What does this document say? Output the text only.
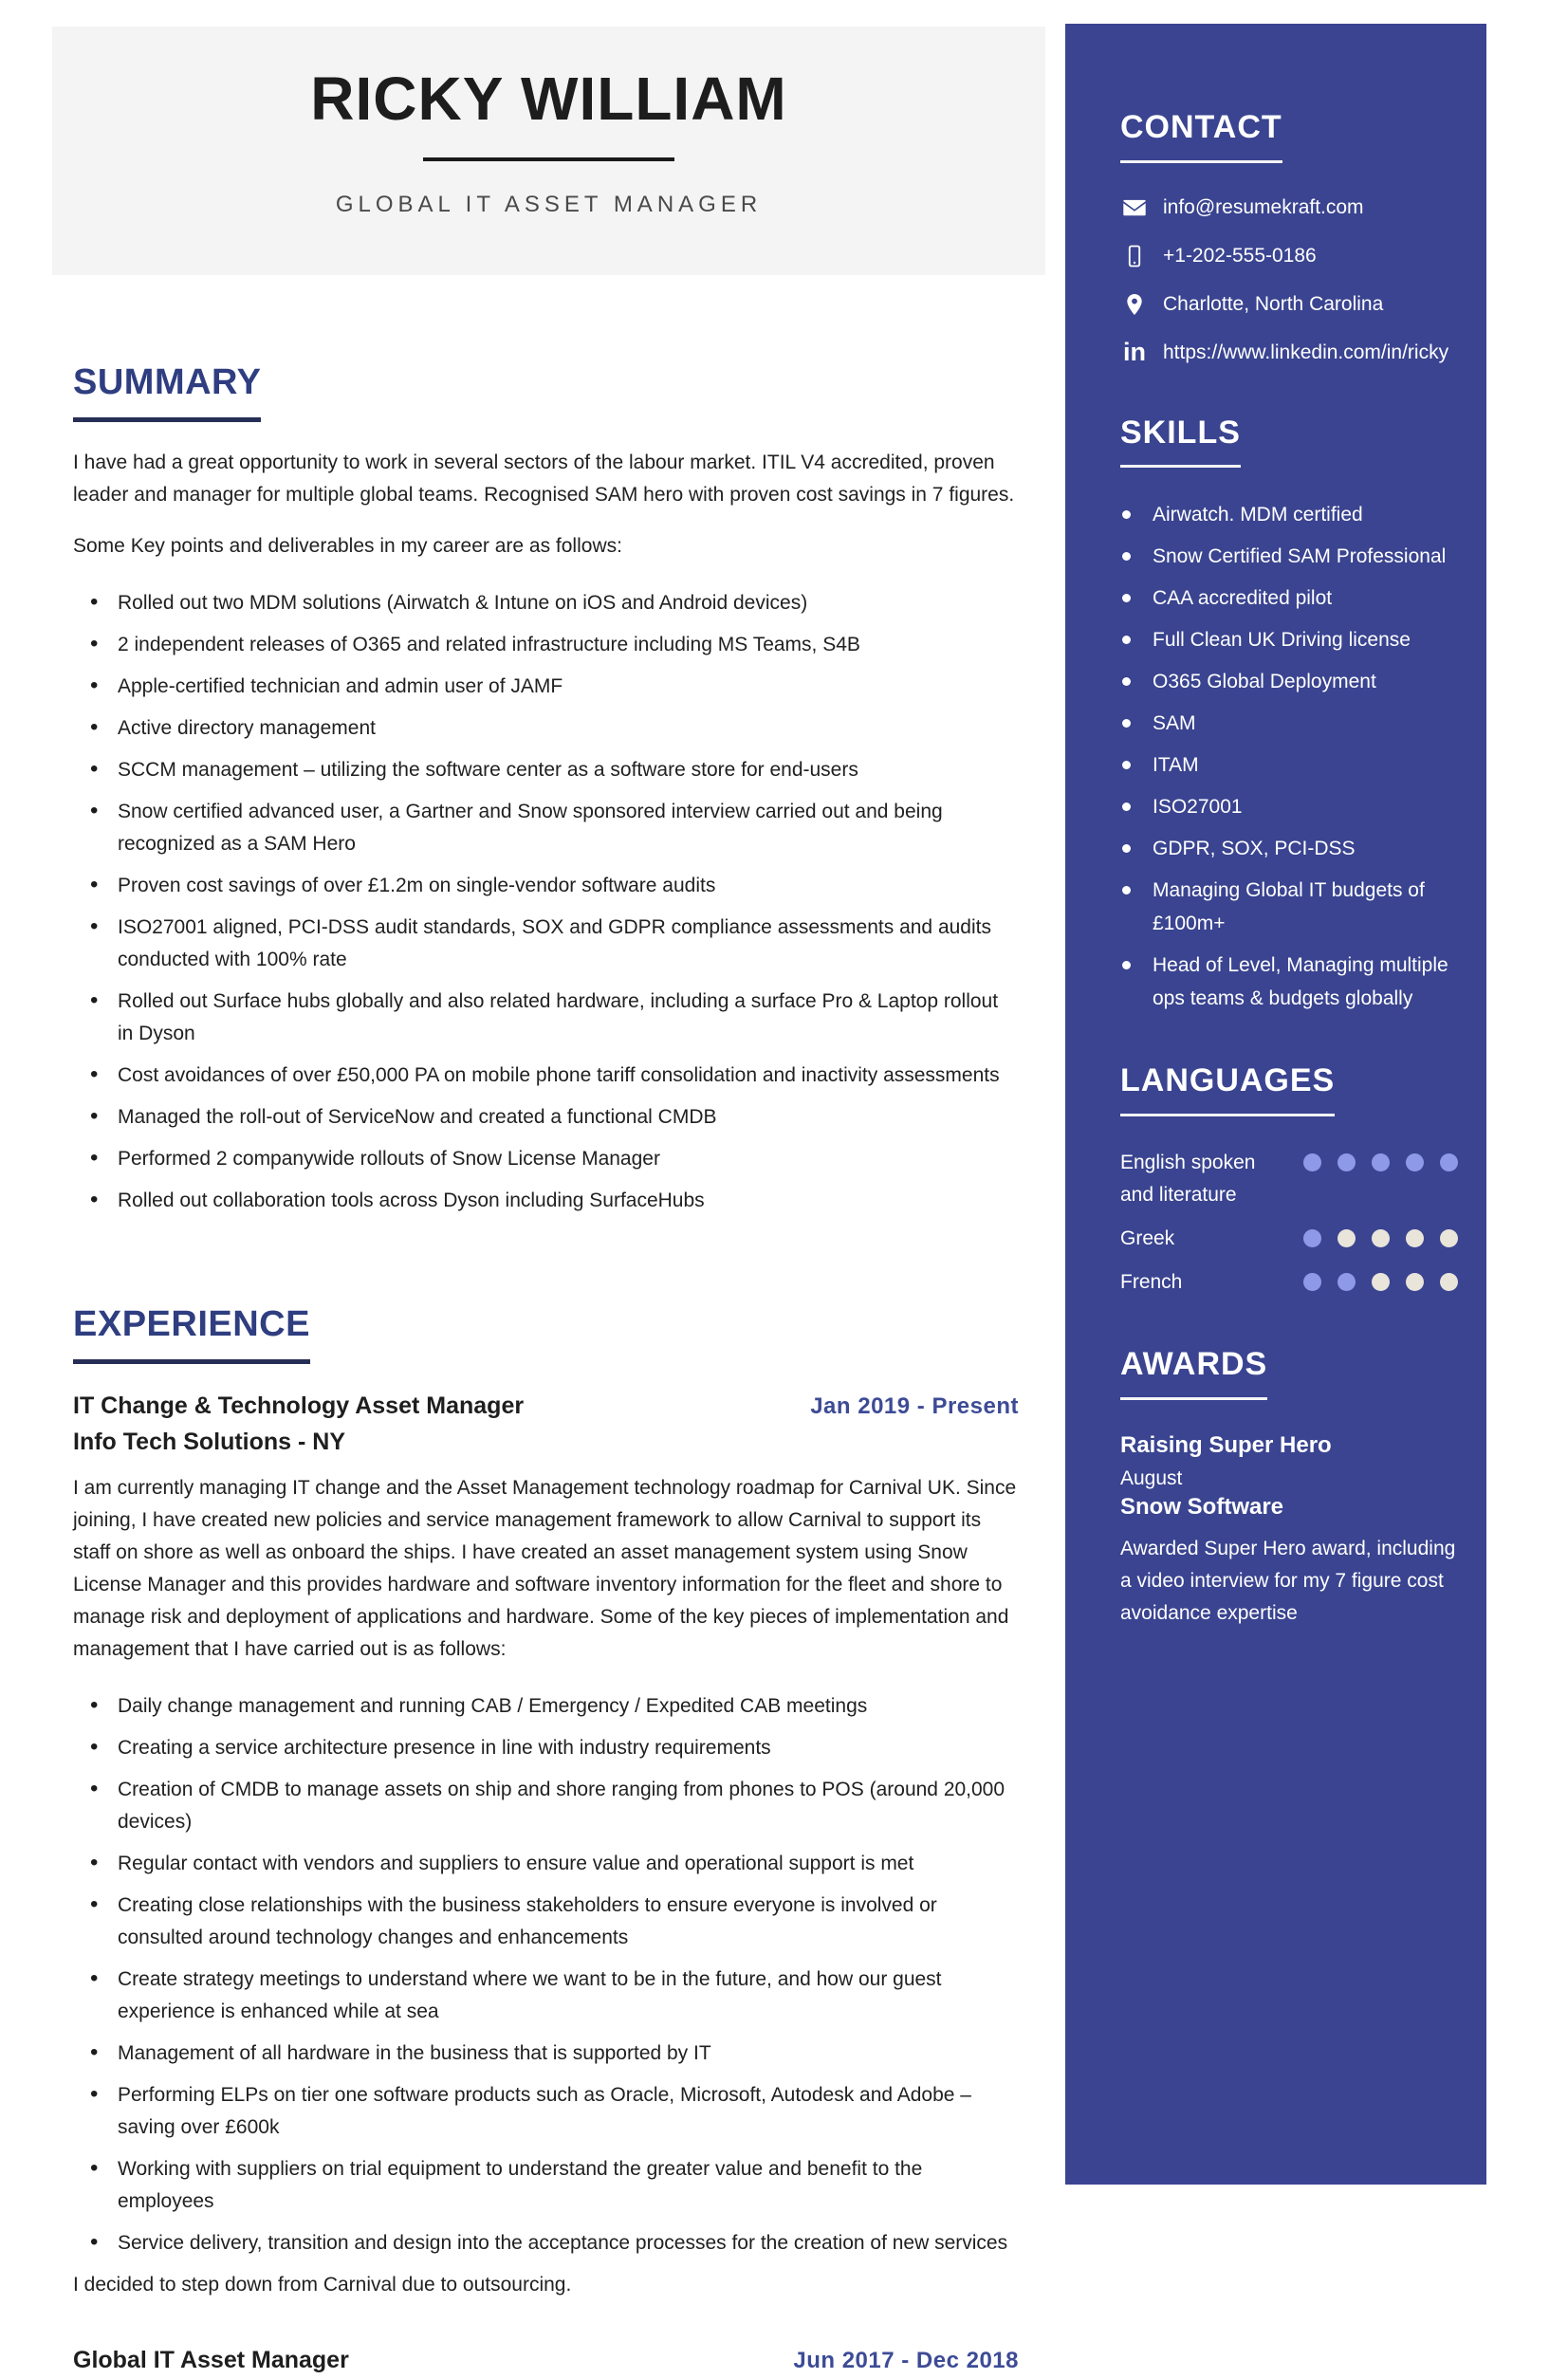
RICKY WILLIAM
GLOBAL IT ASSET MANAGER
SUMMARY

I have had a great opportunity to work in several sectors of the labour market. ITIL V4 accredited, proven leader and manager for multiple global teams. Recognised SAM hero with proven cost savings in 7 figures.

Some Key points and deliverables in my career are as follows:

• Rolled out two MDM solutions (Airwatch & Intune on iOS and Android devices)
• 2 independent releases of O365 and related infrastructure including MS Teams, S4B
• Apple-certified technician and admin user of JAMF
• Active directory management
• SCCM management – utilizing the software center as a software store for end-users
• Snow certified advanced user, a Gartner and Snow sponsored interview carried out and being recognized as a SAM Hero
• Proven cost savings of over £1.2m on single-vendor software audits
• ISO27001 aligned, PCI-DSS audit standards, SOX and GDPR compliance assessments and audits conducted with 100% rate
• Rolled out Surface hubs globally and also related hardware, including a surface Pro & Laptop rollout in Dyson
• Cost avoidances of over £50,000 PA on mobile phone tariff consolidation and inactivity assessments
• Managed the roll-out of ServiceNow and created a functional CMDB
• Performed 2 companywide rollouts of Snow License Manager
• Rolled out collaboration tools across Dyson including SurfaceHubs
EXPERIENCE
IT Change & Technology Asset Manager	Jan 2019 - Present
Info Tech Solutions - NY

I am currently managing IT change and the Asset Management technology roadmap for Carnival UK. Since joining, I have created new policies and service management framework to allow Carnival to support its staff on shore as well as onboard the ships. I have created an asset management system using Snow License Manager and this provides hardware and software inventory information for the fleet and shore to manage risk and deployment of applications and hardware. Some of the key pieces of implementation and management that I have carried out is as follows:

• Daily change management and running CAB / Emergency / Expedited CAB meetings
• Creating a service architecture presence in line with industry requirements
• Creation of CMDB to manage assets on ship and shore ranging from phones to POS (around 20,000 devices)
• Regular contact with vendors and suppliers to ensure value and operational support is met
• Creating close relationships with the business stakeholders to ensure everyone is involved or consulted around technology changes and enhancements
• Create strategy meetings to understand where we want to be in the future, and how our guest experience is enhanced while at sea
• Management of all hardware in the business that is supported by IT
• Performing ELPs on tier one software products such as Oracle, Microsoft, Autodesk and Adobe – saving over £600k
• Working with suppliers on trial equipment to understand the greater value and benefit to the employees
• Service delivery, transition and design into the acceptance processes for the creation of new services

I decided to step down from Carnival due to outsourcing.

Global IT Asset Manager	Jun 2017 - Dec 2018
CONTACT
info@resumekraft.com
+1-202-555-0186
Charlotte, North Carolina
in https://www.linkedin.com/in/ricky
SKILLS
Airwatch. MDM certified
Snow Certified SAM Professional
CAA accredited pilot
Full Clean UK Driving license
O365 Global Deployment
SAM
ITAM
ISO27001
GDPR, SOX, PCI-DSS
Managing Global IT budgets of £100m+
Head of Level, Managing multiple ops teams & budgets globally
LANGUAGES
English spoken and literature
Greek
French
AWARDS

Raising Super Hero

August

Snow Software

Awarded Super Hero award, including a video interview for my 7 figure cost avoidance expertise
